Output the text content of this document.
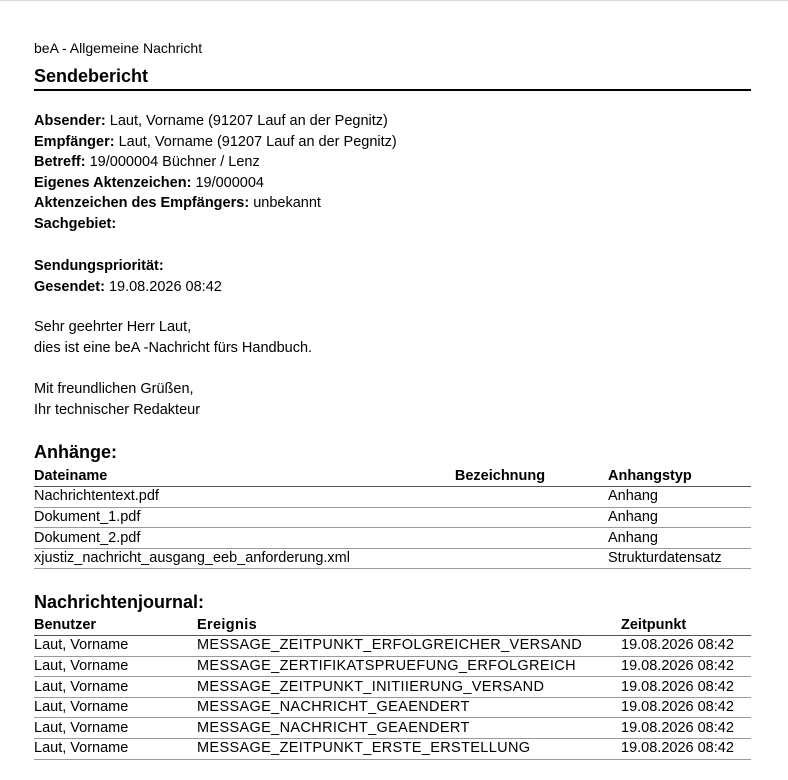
beA - Allgemeine Nachricht
Sendebericht
Absender: Laut, Vorname (91207 Lauf an der Pegnitz)
Empfänger: Laut, Vorname (91207 Lauf an der Pegnitz)
Betreff: 19/000004 Büchner / Lenz
Eigenes Aktenzeichen: 19/000004
Aktenzeichen des Empfängers: unbekannt
Sachgebiet:
Sendungspriorität:
Gesendet: 19.08.2026 08:42
Sehr geehrter Herr Laut,
dies ist eine beA -Nachricht fürs Handbuch.
Mit freundlichen Grüßen,
Ihr technischer Redakteur
Anhänge:
Dateiname	Bezeichnung	Anhangstyp
Nachrichtentext.pdf		Anhang
Dokument_1.pdf		Anhang
Dokument_2.pdf		Anhang
xjustiz_nachricht_ausgang_eeb_anforderung.xml		Strukturdatensatz
Nachrichtenjournal:
Benutzer	Ereignis	Zeitpunkt
Laut, Vorname	MESSAGE_ZEITPUNKT_ERFOLGREICHER_VERSAND	19.08.2026 08:42
Laut, Vorname	MESSAGE_ZERTIFIKATSPRUEFUNG_ERFOLGREICH	19.08.2026 08:42
Laut, Vorname	MESSAGE_ZEITPUNKT_INITIIERUNG_VERSAND	19.08.2026 08:42
Laut, Vorname	MESSAGE_NACHRICHT_GEAENDERT	19.08.2026 08:42
Laut, Vorname	MESSAGE_NACHRICHT_GEAENDERT	19.08.2026 08:42
Laut, Vorname	MESSAGE_ZEITPUNKT_ERSTE_ERSTELLUNG	19.08.2026 08:42
